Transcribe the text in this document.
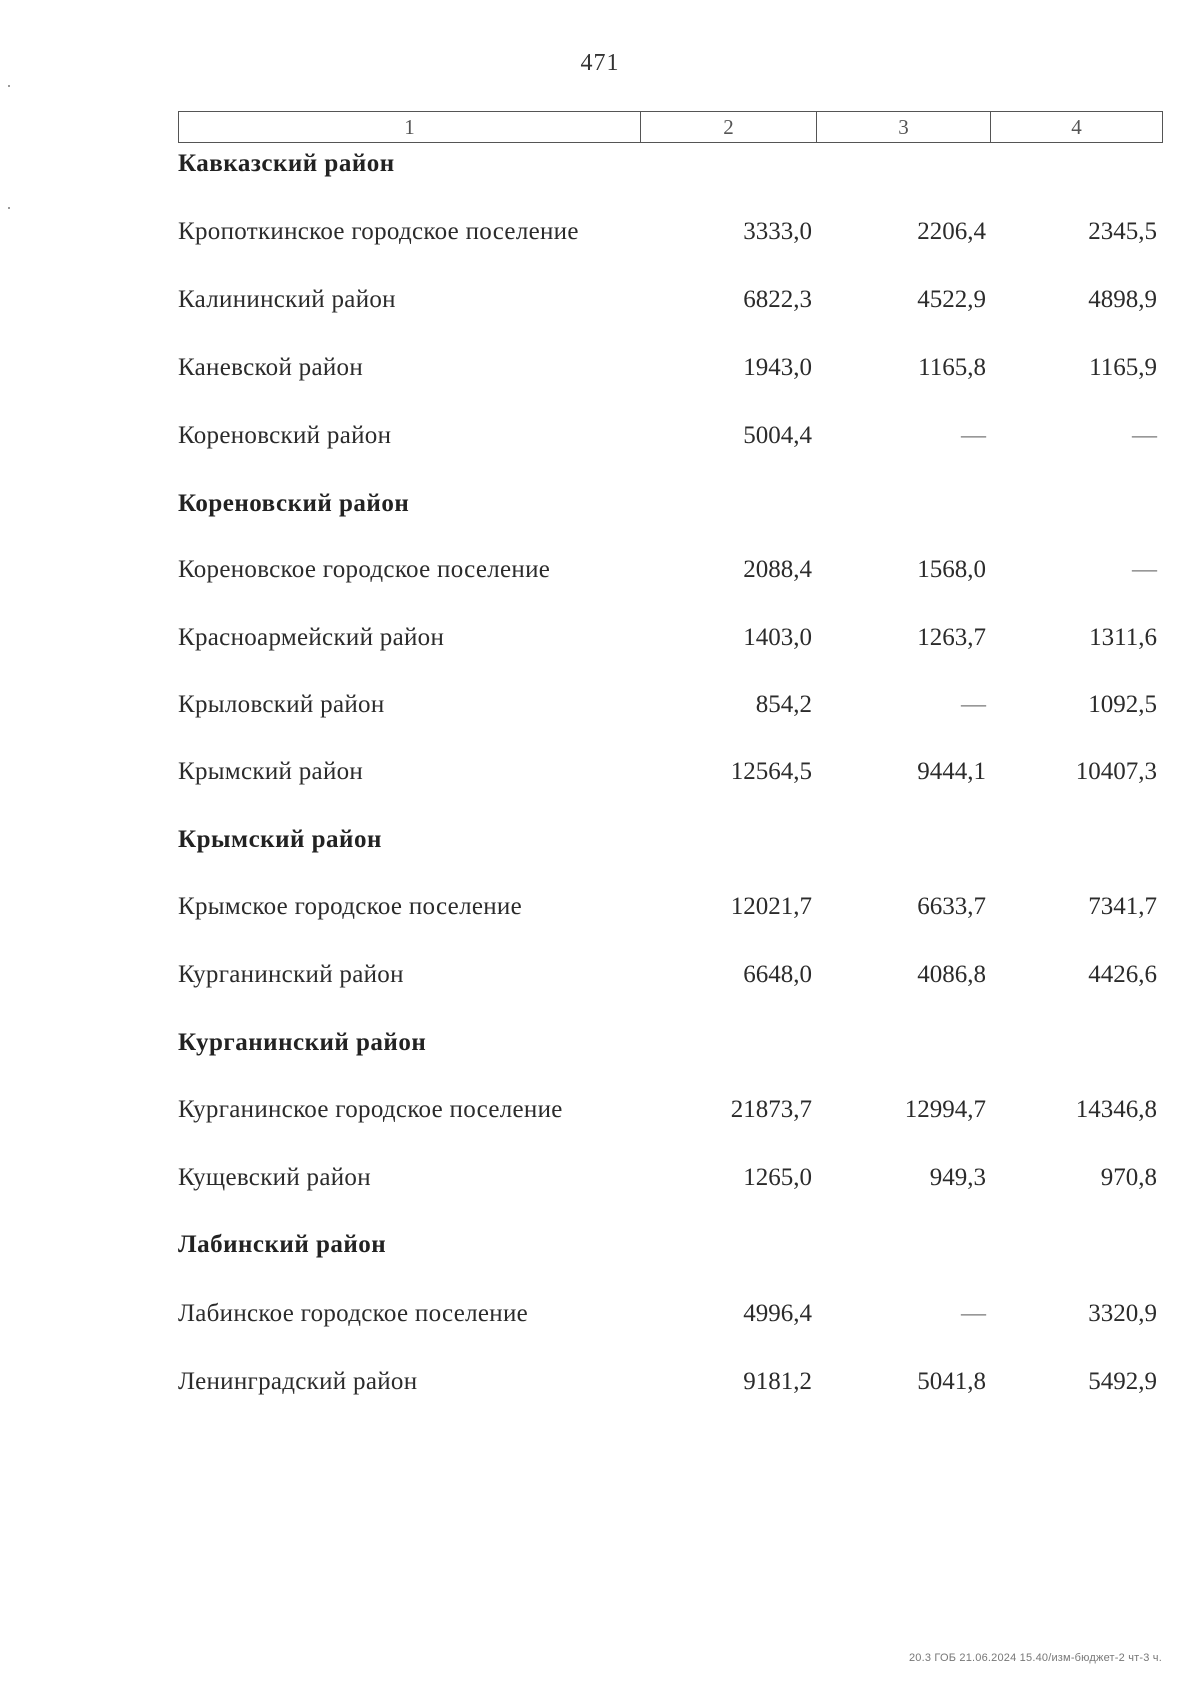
471
1	2	3	4
Кавказский район
Кропоткинское городское поселение	3333,0	2206,4	2345,5
Калининский район	6822,3	4522,9	4898,9
Каневской район	1943,0	1165,8	1165,9
Кореновский район	5004,4	—	—
Кореновский район
Кореновское городское поселение	2088,4	1568,0	—
Красноармейский район	1403,0	1263,7	1311,6
Крыловский район	854,2	—	1092,5
Крымский район	12564,5	9444,1	10407,3
Крымский район
Крымское городское поселение	12021,7	6633,7	7341,7
Курганинский район	6648,0	4086,8	4426,6
Курганинский район
Курганинское городское поселение	21873,7	12994,7	14346,8
Кущевский район	1265,0	949,3	970,8
Лабинский район
Лабинское городское поселение	4996,4	—	3320,9
Ленинградский район	9181,2	5041,8	5492,9
20.3 ГОБ 21.06.2024 15.40/изм-бюджет-2 чт-3 ч.
